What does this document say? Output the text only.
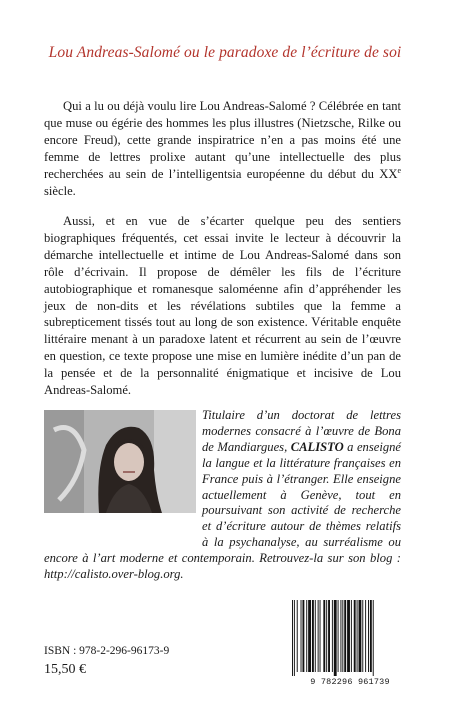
Lou Andreas-Salomé ou le paradoxe de l’écriture de soi

Qui a lu ou déjà voulu lire Lou Andreas-Salomé ? Célébrée en tant que muse ou égérie des hommes les plus illustres (Nietzsche, Rilke ou encore Freud), cette grande inspiratrice n’en a pas moins été une femme de lettres prolixe autant qu’une intellectuelle des plus recherchées au sein de l’intelligentsia européenne du début du XXe siècle.

Aussi, et en vue de s’écarter quelque peu des sentiers biographiques fréquentés, cet essai invite le lecteur à découvrir la démarche intellectuelle et intime de Lou Andreas-Salomé dans son rôle d’écrivain. Il propose de démêler les fils de l’écriture autobiographique et romanesque saloméenne afin d’appréhender les jeux de non-dits et les révélations subtiles que la femme a subrepticement tissés tout au long de son existence. Véritable enquête littéraire menant à un paradoxe latent et récurrent au sein de l’œuvre en question, ce texte propose une mise en lumière inédite d’un pan de la pensée et de la personnalité énigmatique et incisive de Lou Andreas-Salomé.

Titulaire d’un doctorat de lettres modernes consacré à l’œuvre de Bona de Mandiargues, CALISTO a enseigné la langue et la littérature françaises en France puis à l’étranger. Elle enseigne actuellement à Genève, tout en poursuivant son activité de recherche et d’écriture autour de thèmes relatifs à la psychanalyse, au surréalisme ou encore à l’art moderne et contemporain. Retrouvez-la sur son blog : http://calisto.over-blog.org.

ISBN : 978-2-296-96173-9
15,50 €
9 782296 961739
